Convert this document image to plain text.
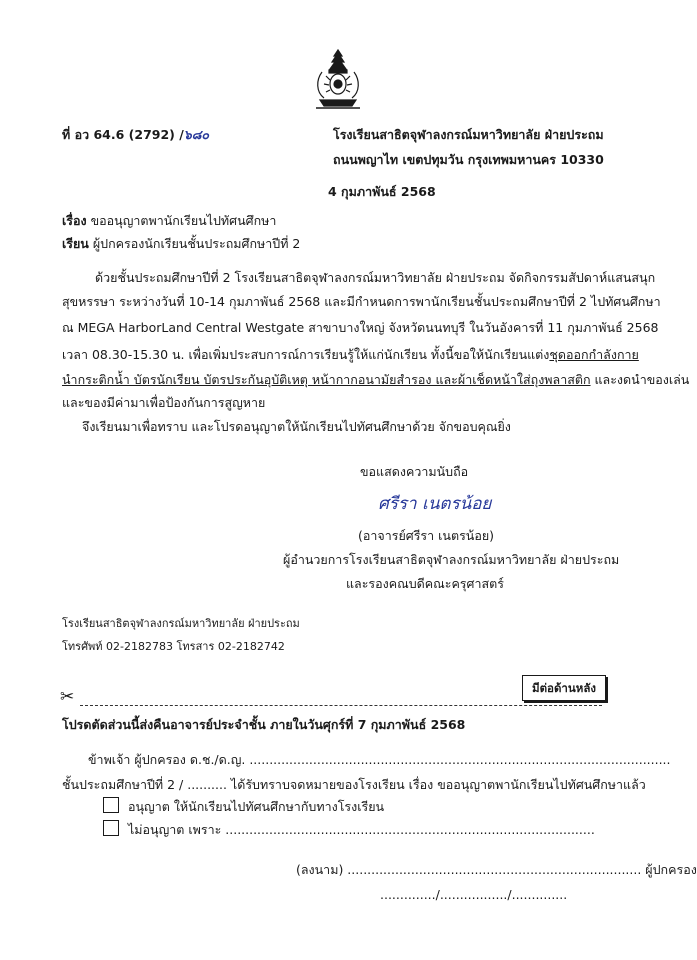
ที่ อว 64.6 (2792) /๖๘๐	โรงเรียนสาธิตจุฬาลงกรณ์มหาวิทยาลัย ฝ่ายประถม
ถนนพญาไท เขตปทุมวัน กรุงเทพมหานคร 10330
4 กุมภาพันธ์ 2568
เรื่อง ขออนุญาตพานักเรียนไปทัศนศึกษา
เรียน ผู้ปกครองนักเรียนชั้นประถมศึกษาปีที่ 2
ด้วยชั้นประถมศึกษาปีที่ 2 โรงเรียนสาธิตจุฬาลงกรณ์มหาวิทยาลัย ฝ่ายประถม จัดกิจกรรมสัปดาห์แสนสนุก
สุขหรรษา ระหว่างวันที่ 10-14 กุมภาพันธ์ 2568 และมีกำหนดการพานักเรียนชั้นประถมศึกษาปีที่ 2 ไปทัศนศึกษา
ณ MEGA HarborLand Central Westgate สาขาบางใหญ่ จังหวัดนนทบุรี ในวันอังคารที่ 11 กุมภาพันธ์ 2568
เวลา 08.30-15.30 น. เพื่อเพิ่มประสบการณ์การเรียนรู้ให้แก่นักเรียน ทั้งนี้ขอให้นักเรียนแต่งชุดออกกำลังกาย
นำกระติกน้ำ บัตรนักเรียน บัตรประกันอุบัติเหตุ หน้ากากอนามัยสำรอง และผ้าเช็ดหน้าใส่ถุงพลาสติก และงดนำของเล่น
และของมีค่ามาเพื่อป้องกันการสูญหาย
จึงเรียนมาเพื่อทราบ และโปรดอนุญาตให้นักเรียนไปทัศนศึกษาด้วย จักขอบคุณยิ่ง
ขอแสดงความนับถือ
ศรีรา เนตรน้อย
(อาจารย์ศรีรา เนตรน้อย)
ผู้อำนวยการโรงเรียนสาธิตจุฬาลงกรณ์มหาวิทยาลัย ฝ่ายประถม
และรองคณบดีคณะครุศาสตร์
โรงเรียนสาธิตจุฬาลงกรณ์มหาวิทยาลัย ฝ่ายประถม
โทรศัพท์ 02-2182783 โทรสาร 02-2182742
มีต่อด้านหลัง
✂
โปรดตัดส่วนนี้ส่งคืนอาจารย์ประจำชั้น ภายในวันศุกร์ที่ 7 กุมภาพันธ์ 2568
ข้าพเจ้า ผู้ปกครอง ด.ช./ด.ญ. ..........................................................................................................
ชั้นประถมศึกษาปีที่ 2 / .......... ได้รับทราบจดหมายของโรงเรียน เรื่อง ขออนุญาตพานักเรียนไปทัศนศึกษาแล้ว
อนุญาต ให้นักเรียนไปทัศนศึกษากับทางโรงเรียน
ไม่อนุญาต เพราะ .............................................................................................
(ลงนาม) .......................................................................... ผู้ปกครอง
............../................./..............
